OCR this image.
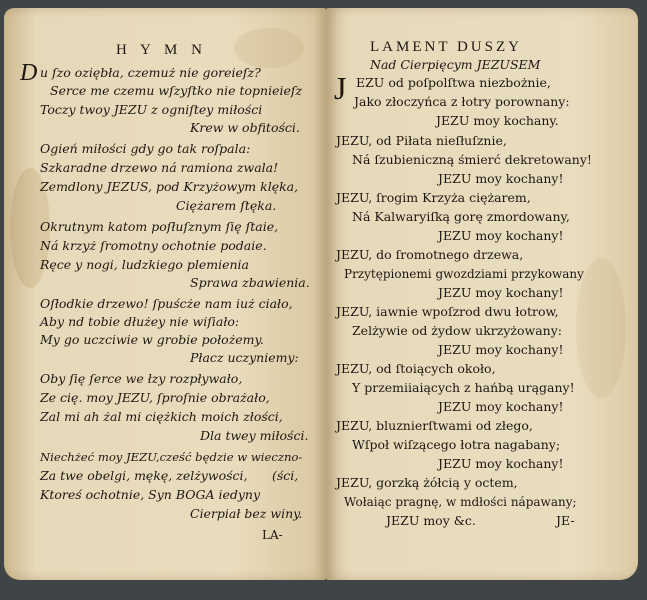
H Y M N
D u ſzo oziębła, czemuż nie goreieſz?
Serce me czemu wſzyſtko nie topnieieſz
Toczy twoy JEZU z ogniſtey miłości
Krew w obfitości.
Ogień miłości gdy go tak roſpala:
Szkaradne drzewo ná ramiona zwala!
Zemdlony JEZUS, pod Krzyżowym klęka,
Ciężarem ſtęka.
Okrutnym katom poſłuſznym ſię ſtaie,
Ná krzyż ſromotny ochotnie podaie.
Ręce y nogi, ludzkiego plemienia
Sprawa zbawienia.
Oſłodkie drzewo! ſpuścże nam iuż ciało,
Aby nd tobie dłużey nie wiſiało:
My go uczciwie w grobie położemy.
Płacz uczyniemy:
Oby ſię ſerce we łzy rozpływało,
Ze cię. moy JEZU, ſproſnie obrażało,
Zal mi ah żal mi ciężkich moich złości,
Dla twey miłości.
Niechżeć moy JEZU,cześć będzie w wieczno-
Za twe obelgi, mękę, zelżywości, (ści,
Ktoreś ochotnie, Syn BOGA iedyny
Cierpiał bez winy.
LA-
LAMENT DUSZY
Nad Cierpięcym JEZUSEM
J EZU od poſpolſtwa niezbożnie,
Jako złoczyńca z łotry porownany:
JEZU moy kochany.
JEZU, od Piłata nieſłuſznie,
Ná ſzubieniczną śmierć dekretowany!
JEZU moy kochany!
JEZU, ſrogim Krzyża ciężarem,
Ná Kalwaryiſką gorę zmordowany,
JEZU moy kochany!
JEZU, do ſromotnego drzewa,
Przytępionemi gwozdziami przykowany
JEZU moy kochany!
JEZU, iawnie wpoſzrod dwu łotrow,
Zelżywie od żydow ukrzyżowany:
JEZU moy kochany!
JEZU, od ſtoiących około,
Y przemiiaiących z hańbą urągany!
JEZU moy kochany!
JEZU, bluznierſtwami od złego,
Wſpoł wiſzącego łotra nagabany;
JEZU moy kochany!
JEZU, gorzką żółcią y octem,
Wołaiąc pragnę, w mdłości nápawany;
JEZU moy &c.	JE-
